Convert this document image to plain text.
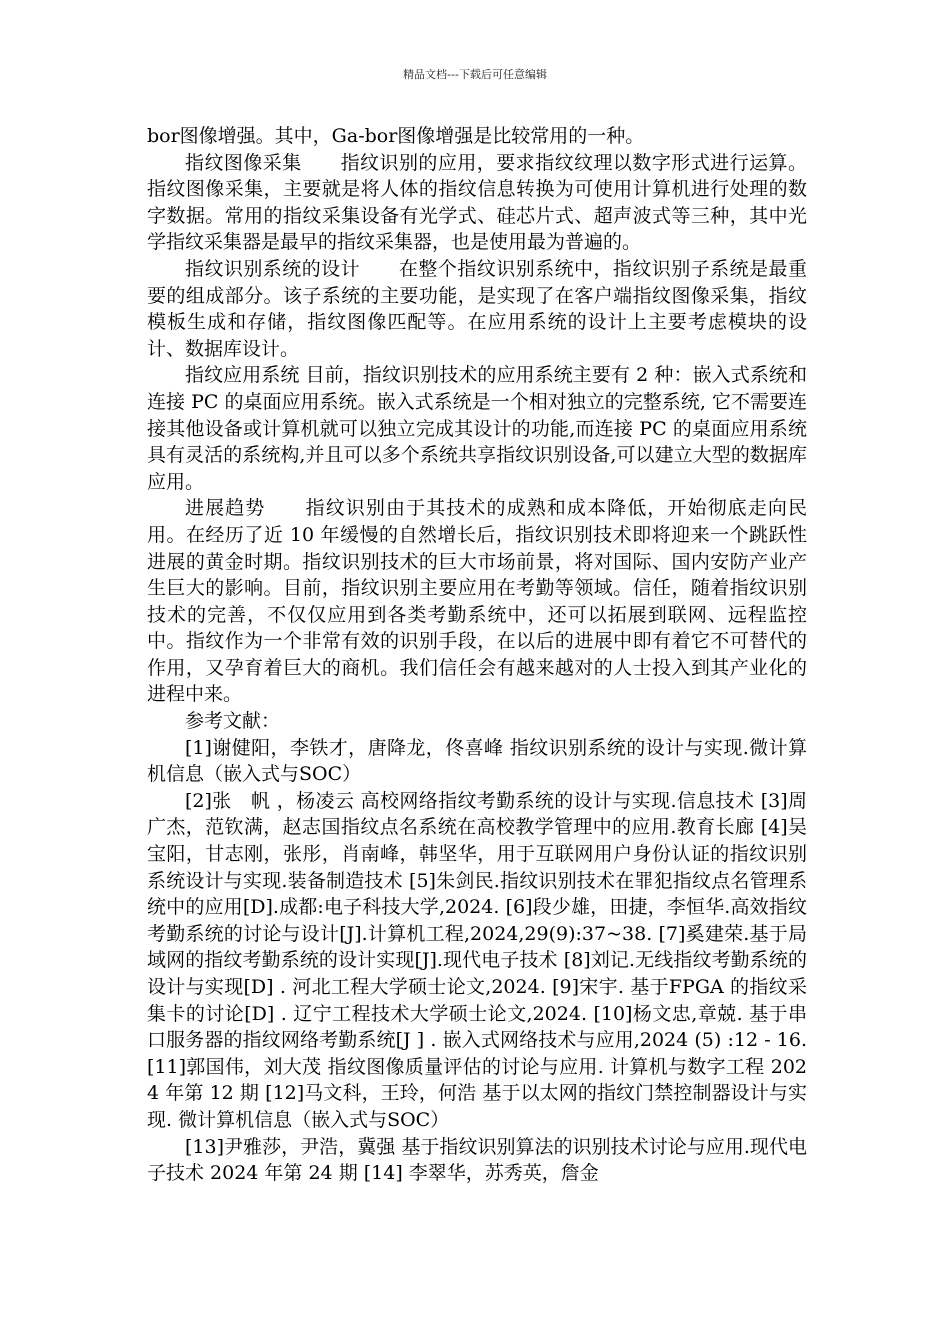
精品文档---下载后可任意编辑

bor图像增强。其中，Ga-bor图像增强是比较常用的一种。

指纹图像采集　　指纹识别的应用，要求指纹纹理以数字形式进行运算。指纹图像采集，主要就是将人体的指纹信息转换为可使用计算机进行处理的数字数据。常用的指纹采集设备有光学式、硅芯片式、超声波式等三种，其中光学指纹采集器是最早的指纹采集器，也是使用最为普遍的。

指纹识别系统的设计　　在整个指纹识别系统中，指纹识别子系统是最重要的组成部分。该子系统的主要功能，是实现了在客户端指纹图像采集，指纹模板生成和存储，指纹图像匹配等。在应用系统的设计上主要考虑模块的设计、数据库设计。

指纹应用系统 目前，指纹识别技术的应用系统主要有 2 种：嵌入式系统和连接 PC 的桌面应用系统。嵌入式系统是一个相对独立的完整系统, 它不需要连接其他设备或计算机就可以独立完成其设计的功能,而连接 PC 的桌面应用系统具有灵活的系统构,并且可以多个系统共享指纹识别设备,可以建立大型的数据库应用。

进展趋势　　指纹识别由于其技术的成熟和成本降低，开始彻底走向民用。在经历了近 10 年缓慢的自然增长后，指纹识别技术即将迎来一个跳跃性进展的黄金时期。指纹识别技术的巨大市场前景，将对国际、国内安防产业产生巨大的影响。目前，指纹识别主要应用在考勤等领域。信任，随着指纹识别技术的完善，不仅仅应用到各类考勤系统中，还可以拓展到联网、远程监控中。指纹作为一个非常有效的识别手段，在以后的进展中即有着它不可替代的作用，又孕育着巨大的商机。我们信任会有越来越对的人士投入到其产业化的进程中来。

参考文献：

[1]谢健阳，李铁才，唐降龙，佟喜峰 指纹识别系统的设计与实现.微计算机信息（嵌入式与SOC）

[2]张　帆 ，杨凌云 高校网络指纹考勤系统的设计与实现.信息技术 [3]周广杰，范钦满，赵志国指纹点名系统在高校教学管理中的应用.教育长廊 [4]吴宝阳，甘志刚，张彤，肖南峰，韩坚华，用于互联网用户身份认证的指纹识别系统设计与实现.装备制造技术 [5]朱剑民.指纹识别技术在罪犯指纹点名管理系统中的应用[D].成都:电子科技大学,2024. [6]段少雄，田捷，李恒华.高效指纹考勤系统的讨论与设计[J].计算机工程,2024,29(9):37~38. [7]奚建荣.基于局域网的指纹考勤系统的设计实现[J].现代电子技术 [8]刘记.无线指纹考勤系统的设计与实现[D] . 河北工程大学硕士论文,2024. [9]宋宇. 基于FPGA 的指纹采集卡的讨论[D] . 辽宁工程技术大学硕士论文,2024. [10]杨文忠,章兢. 基于串口服务器的指纹网络考勤系统[J ] . 嵌入式网络技术与应用,2024 (5) :12 - 16. [11]郭国伟，刘大茂 指纹图像质量评估的讨论与应用. 计算机与数字工程 2024 年第 12 期 [12]马文科，王玲，何浩 基于以太网的指纹门禁控制器设计与实现. 微计算机信息（嵌入式与SOC）

[13]尹雅莎，尹浩，冀强 基于指纹识别算法的识别技术讨论与应用.现代电子技术 2024 年第 24 期 [14] 李翠华，苏秀英，詹金
